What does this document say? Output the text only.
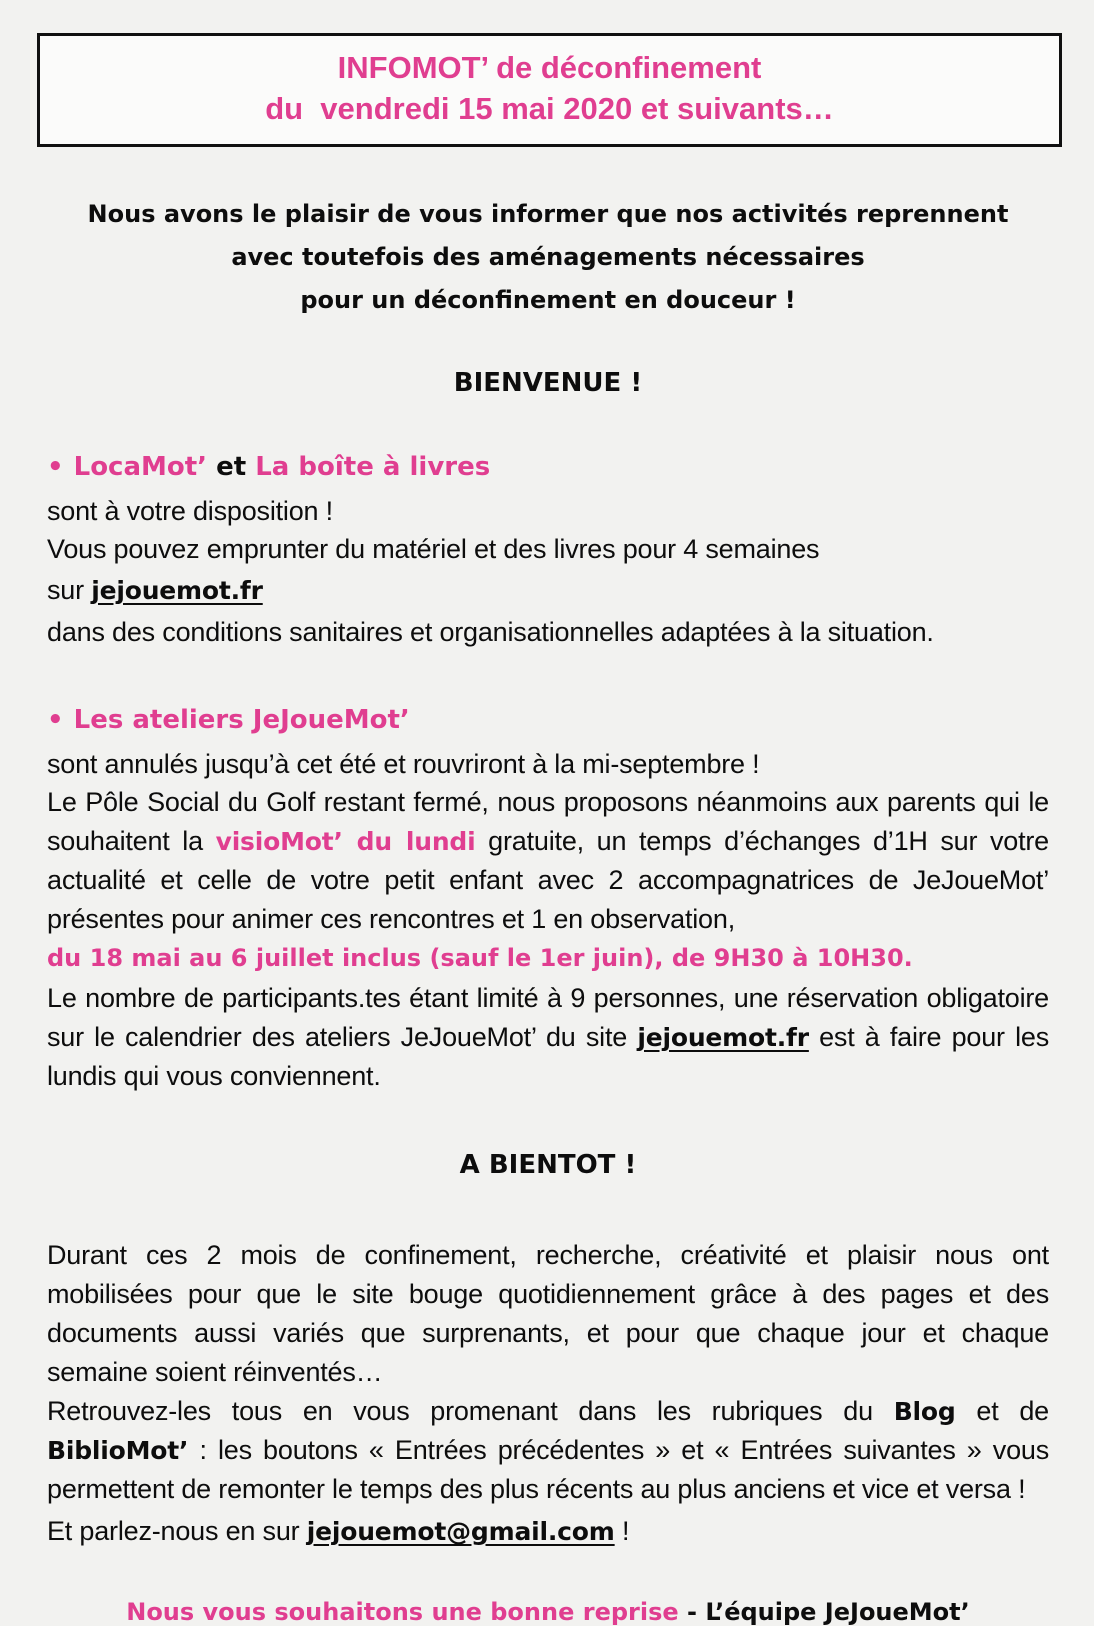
INFOMOT’ de déconfinement
du  vendredi 15 mai 2020 et suivants…
Nous avons le plaisir de vous informer que nos activités reprennent
avec toutefois des aménagements nécessaires
pour un déconfinement en douceur !
BIENVENUE !
• LocaMot’ et La boîte à livres
sont à votre disposition !
Vous pouvez emprunter du matériel et des livres pour 4 semaines
sur jejouemot.fr
dans des conditions sanitaires et organisationnelles adaptées à la situation.
• Les ateliers JeJoueMot’
sont annulés jusqu’à cet été et rouvriront à la mi-septembre !
Le Pôle Social du Golf restant fermé, nous proposons néanmoins aux parents qui le souhaitent la visioMot’ du lundi gratuite, un temps d’échanges d’1H sur votre actualité et celle de votre petit enfant avec 2 accompagnatrices de JeJoueMot’ présentes pour animer ces rencontres et 1 en observation,
du 18 mai au 6 juillet inclus (sauf le 1er juin), de 9H30 à 10H30.
Le nombre de participants.tes étant limité à 9 personnes, une réservation obligatoire sur le calendrier des ateliers JeJoueMot’ du site jejouemot.fr est à faire pour les lundis qui vous conviennent.
A BIENTOT !
Durant ces 2 mois de confinement, recherche, créativité et plaisir nous ont mobilisées pour que le site bouge quotidiennement grâce à des pages et des documents aussi variés que surprenants, et pour que chaque jour et chaque semaine soient réinventés…
Retrouvez-les tous en vous promenant dans les rubriques du Blog et de BiblioMot’ : les boutons « Entrées précédentes » et « Entrées suivantes » vous permettent de remonter le temps des plus récents au plus anciens et vice et versa !
Et parlez-nous en sur jejouemot@gmail.com !
Nous vous souhaitons une bonne reprise - L’équipe JeJoueMot’
